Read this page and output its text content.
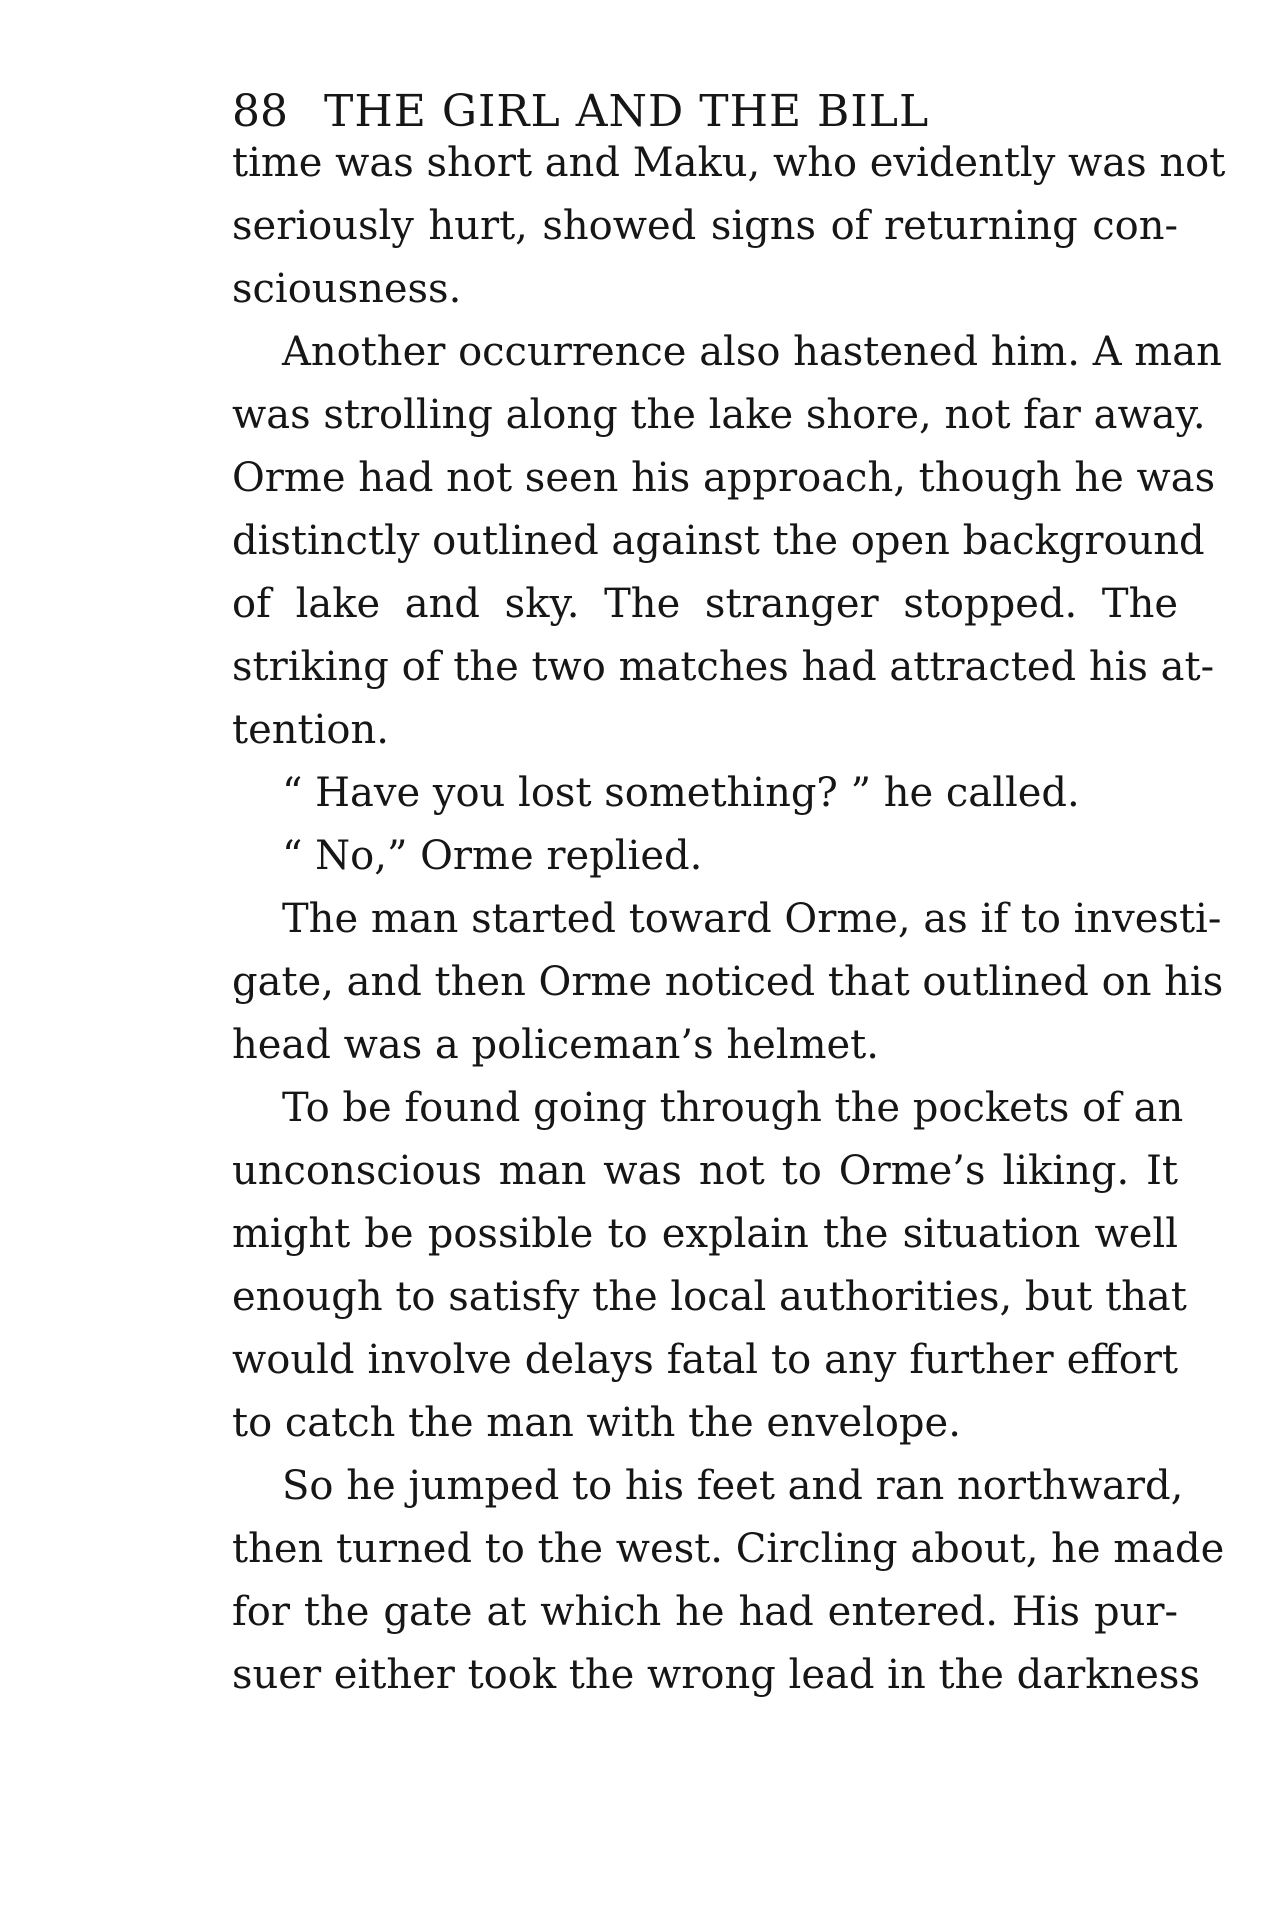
88 THE GIRL AND THE BILL
time was short and Maku, who evidently was not
seriously hurt, showed signs of returning con-
sciousness.
Another occurrence also hastened him. A man
was strolling along the lake shore, not far away.
Orme had not seen his approach, though he was
distinctly outlined against the open background
of lake and sky. The stranger stopped. The
striking of the two matches had attracted his at-
tention.
“ Have you lost something? ” he called.
“ No,” Orme replied.
The man started toward Orme, as if to investi-
gate, and then Orme noticed that outlined on his
head was a policeman’s helmet.
To be found going through the pockets of an
unconscious man was not to Orme’s liking. It
might be possible to explain the situation well
enough to satisfy the local authorities, but that
would involve delays fatal to any further effort
to catch the man with the envelope.
So he jumped to his feet and ran northward,
then turned to the west. Circling about, he made
for the gate at which he had entered. His pur-
suer either took the wrong lead in the darkness
